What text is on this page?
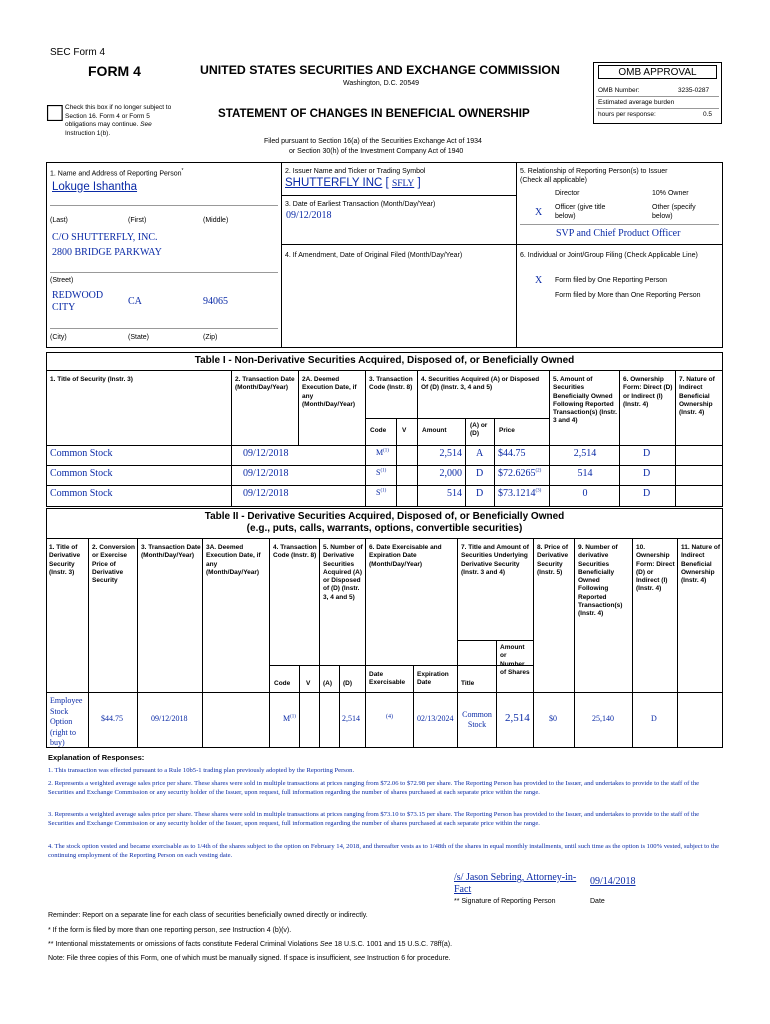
SEC Form 4
FORM 4	UNITED STATES SECURITIES AND EXCHANGE COMMISSION
Washington, D.C. 20549
☐ Check this box if no longer subject to
Section 16. Form 4 or Form 5
obligations may continue. See
Instruction 1(b).
STATEMENT OF CHANGES IN BENEFICIAL OWNERSHIP
Filed pursuant to Section 16(a) of the Securities Exchange Act of 1934
or Section 30(h) of the Investment Company Act of 1940
OMB APPROVAL
OMB Number:	3235-0287
Estimated average burden
hours per response:	0.5
1. Name and Address of Reporting Person*
Lokuge Ishantha
(Last)	(First)	(Middle)
C/O SHUTTERFLY, INC.
2800 BRIDGE PARKWAY
(Street)
REDWOOD CITY
CA	94065
(City)	(State)	(Zip)
2. Issuer Name and Ticker or Trading Symbol
SHUTTERFLY INC [ SFLY ]
3. Date of Earliest Transaction (Month/Day/Year)
09/12/2018
4. If Amendment, Date of Original Filed (Month/Day/Year)
5. Relationship of Reporting Person(s) to Issuer
(Check all applicable)
Director	10% Owner
X Officer (give title below)
Other (specify below)
SVP and Chief Product Officer
6. Individual or Joint/Group Filing (Check Applicable Line)
X Form filed by One Reporting Person
Form filed by More than One Reporting Person
Table I - Non-Derivative Securities Acquired, Disposed of, or Beneficially Owned
1. Title of Security (Instr. 3)	2. Transaction Date (Month/Day/Year)
2A. Deemed Execution Date, if any (Month/Day/Year)
3. Transaction Code (Instr. 8)
4. Securities Acquired (A) or Disposed Of (D) (Instr. 3, 4 and 5)
5. Amount of Securities Beneficially Owned Following Reported Transaction(s) (Instr. 3 and 4)
6. Ownership Form: Direct (D) or Indirect (I) (Instr. 4)
7. Nature of Indirect Beneficial Ownership (Instr. 4)
Code V Amount
(A) or (D)	Price
Common Stock	09/12/2018	$M^{(1)}$	2,514 A $44.75	2,514	D
Common Stock	09/12/2018	$S^{(1)}$	2,000 D $72.6265$^{(2)}$	514	D
Common Stock	09/12/2018	$S^{(1)}$	514 D $73.1214$^{(3)}$	0	D
Table II - Derivative Securities Acquired, Disposed of, or Beneficially Owned
(e.g., puts, calls, warrants, options, convertible securities)
1. Title of Derivative Security (Instr. 3)
2. Conversion or Exercise Price of Derivative Security
3. Transaction Date (Month/Day/Year)
3A. Deemed Execution Date, if any (Month/Day/Year)
4. Transaction Code (Instr. 8)
5. Number of Derivative Securities Acquired (A) or Disposed of (D) (Instr. 3, 4 and 5)
6. Date Exercisable and Expiration Date (Month/Day/Year)
7. Title and Amount of Securities Underlying Derivative Security (Instr. 3 and 4)
8. Price of Derivative Security (Instr. 5)
9. Number of derivative Securities Beneficially Owned Following Reported Transaction(s) (Instr. 4)
10. Ownership Form: Direct (D) or Indirect (I) (Instr. 4)
11. Nature of Indirect Beneficial Ownership (Instr. 4)
Code V (A) (D)
Date Exercisable
Expiration Date	Title
Amount or Number of Shares
Employee Stock Option (right to buy)
$44.75	09/12/2018	$M^{(1)}$	2,514	(4)	02/13/2024 Common Stock
2,514 $0	25,140	D
Explanation of Responses:
1. This transaction was effected pursuant to a Rule 10b5-1 trading plan previously adopted by the Reporting Person.
2. Represents a weighted average sales price per share. These shares were sold in multiple transactions at prices ranging from $72.06 to $72.98 per share. The Reporting Person has provided to the Issuer, and undertakes to provide to the staff of the Securities and Exchange Commission or any security holder of the Issuer, upon request, full information regarding the number of shares purchased at each separate price within the range.
3. Represents a weighted average sales price per share. These shares were sold in multiple transactions at prices ranging from $73.10 to $73.15 per share. The Reporting Person has provided to the Issuer, and undertakes to provide to the staff of the Securities and Exchange Commission or any security holder of the Issuer, upon request, full information regarding the number of shares purchased at each separate price within the range.
4. The stock option vested and became exercisable as to 1/4th of the shares subject to the option on February 14, 2018, and thereafter vests as to 1/48th of the shares in equal monthly installments, until such time as the option is 100% vested, subject to the continuing employment of the Reporting Person on each vesting date.
/s/ Jason Sebring, Attorney-in-Fact
09/14/2018
** Signature of Reporting Person	Date
Reminder: Report on a separate line for each class of securities beneficially owned directly or indirectly.
* If the form is filed by more than one reporting person, see Instruction 4 (b)(v).
** Intentional misstatements or omissions of facts constitute Federal Criminal Violations See 18 U.S.C. 1001 and 15 U.S.C. 78ff(a).
Note: File three copies of this Form, one of which must be manually signed. If space is insufficient, see Instruction 6 for procedure.
